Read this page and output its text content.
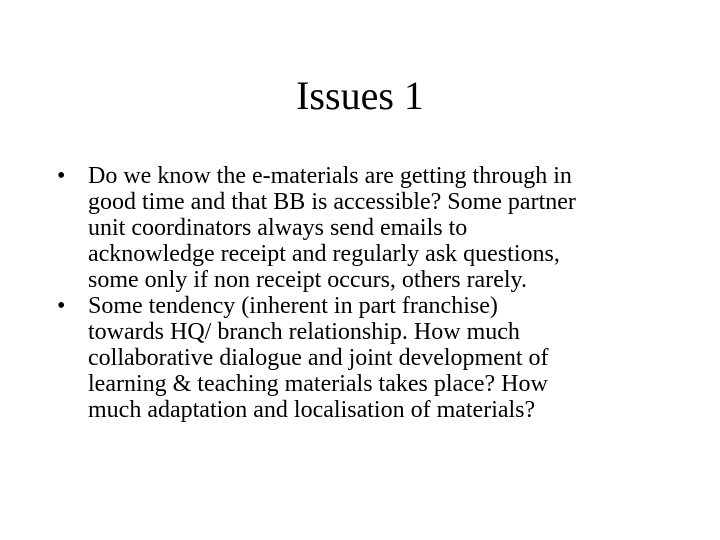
Issues 1
• Do we know the e-materials are getting through in
good time and that BB is accessible? Some partner
unit coordinators always send emails to
acknowledge receipt and regularly ask questions,
some only if non receipt occurs, others rarely.
• Some tendency (inherent in part franchise)
towards HQ/ branch relationship. How much
collaborative dialogue and joint development of
learning & teaching materials takes place? How
much adaptation and localisation of materials?
